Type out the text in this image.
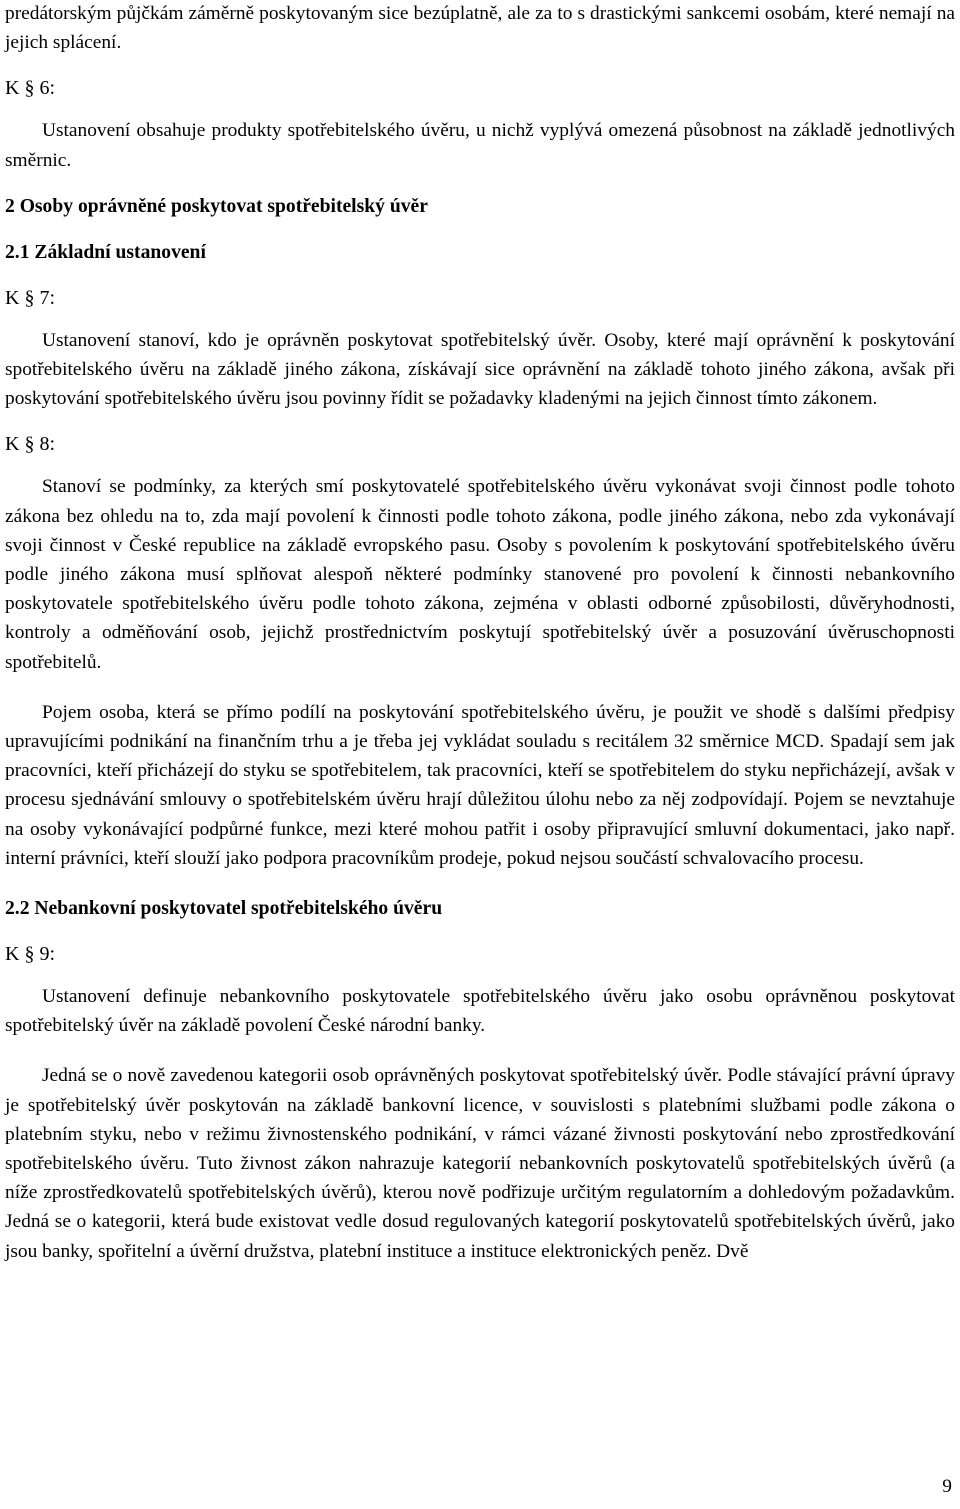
predátorským půjčkám záměrně poskytovaným sice bezúplatně, ale za to s drastickými sankcemi osobám, které nemají na jejich splácení.

K § 6:

Ustanovení obsahuje produkty spotřebitelského úvěru, u nichž vyplývá omezená působnost na základě jednotlivých směrnic.

2 Osoby oprávněné poskytovat spotřebitelský úvěr
2.1 Základní ustanovení

K § 7:

Ustanovení stanoví, kdo je oprávněn poskytovat spotřebitelský úvěr. Osoby, které mají oprávnění k poskytování spotřebitelského úvěru na základě jiného zákona, získávají sice oprávnění na základě tohoto jiného zákona, avšak při poskytování spotřebitelského úvěru jsou povinny řídit se požadavky kladenými na jejich činnost tímto zákonem.

K § 8:

Stanoví se podmínky, za kterých smí poskytovatelé spotřebitelského úvěru vykonávat svoji činnost podle tohoto zákona bez ohledu na to, zda mají povolení k činnosti podle tohoto zákona, podle jiného zákona, nebo zda vykonávají svoji činnost v České republice na základě evropského pasu. Osoby s povolením k poskytování spotřebitelského úvěru podle jiného zákona musí splňovat alespoň některé podmínky stanovené pro povolení k činnosti nebankovního poskytovatele spotřebitelského úvěru podle tohoto zákona, zejména v oblasti odborné způsobilosti, důvěryhodnosti, kontroly a odměňování osob, jejichž prostřednictvím poskytují spotřebitelský úvěr a posuzování úvěruschopnosti spotřebitelů.

Pojem osoba, která se přímo podílí na poskytování spotřebitelského úvěru, je použit ve shodě s dalšími předpisy upravujícími podnikání na finančním trhu a je třeba jej vykládat souladu s recitálem 32 směrnice MCD. Spadají sem jak pracovníci, kteří přicházejí do styku se spotřebitelem, tak pracovníci, kteří se spotřebitelem do styku nepřicházejí, avšak v procesu sjednávání smlouvy o spotřebitelském úvěru hrají důležitou úlohu nebo za něj zodpovídají. Pojem se nevztahuje na osoby vykonávající podpůrné funkce, mezi které mohou patřit i osoby připravující smluvní dokumentaci, jako např. interní právníci, kteří slouží jako podpora pracovníkům prodeje, pokud nejsou součástí schvalovacího procesu.

2.2 Nebankovní poskytovatel spotřebitelského úvěru

K § 9:

Ustanovení definuje nebankovního poskytovatele spotřebitelského úvěru jako osobu oprávněnou poskytovat spotřebitelský úvěr na základě povolení České národní banky.

Jedná se o nově zavedenou kategorii osob oprávněných poskytovat spotřebitelský úvěr. Podle stávající právní úpravy je spotřebitelský úvěr poskytován na základě bankovní licence, v souvislosti s platebními službami podle zákona o platebním styku, nebo v režimu živnostenského podnikání, v rámci vázané živnosti poskytování nebo zprostředkování spotřebitelského úvěru. Tuto živnost zákon nahrazuje kategorií nebankovních poskytovatelů spotřebitelských úvěrů (a níže zprostředkovatelů spotřebitelských úvěrů), kterou nově podřizuje určitým regulatorním a dohledovým požadavkům. Jedná se o kategorii, která bude existovat vedle dosud regulovaných kategorií poskytovatelů spotřebitelských úvěrů, jako jsou banky, spořitelní a úvěrní družstva, platební instituce a instituce elektronických peněz. Dvě

9
